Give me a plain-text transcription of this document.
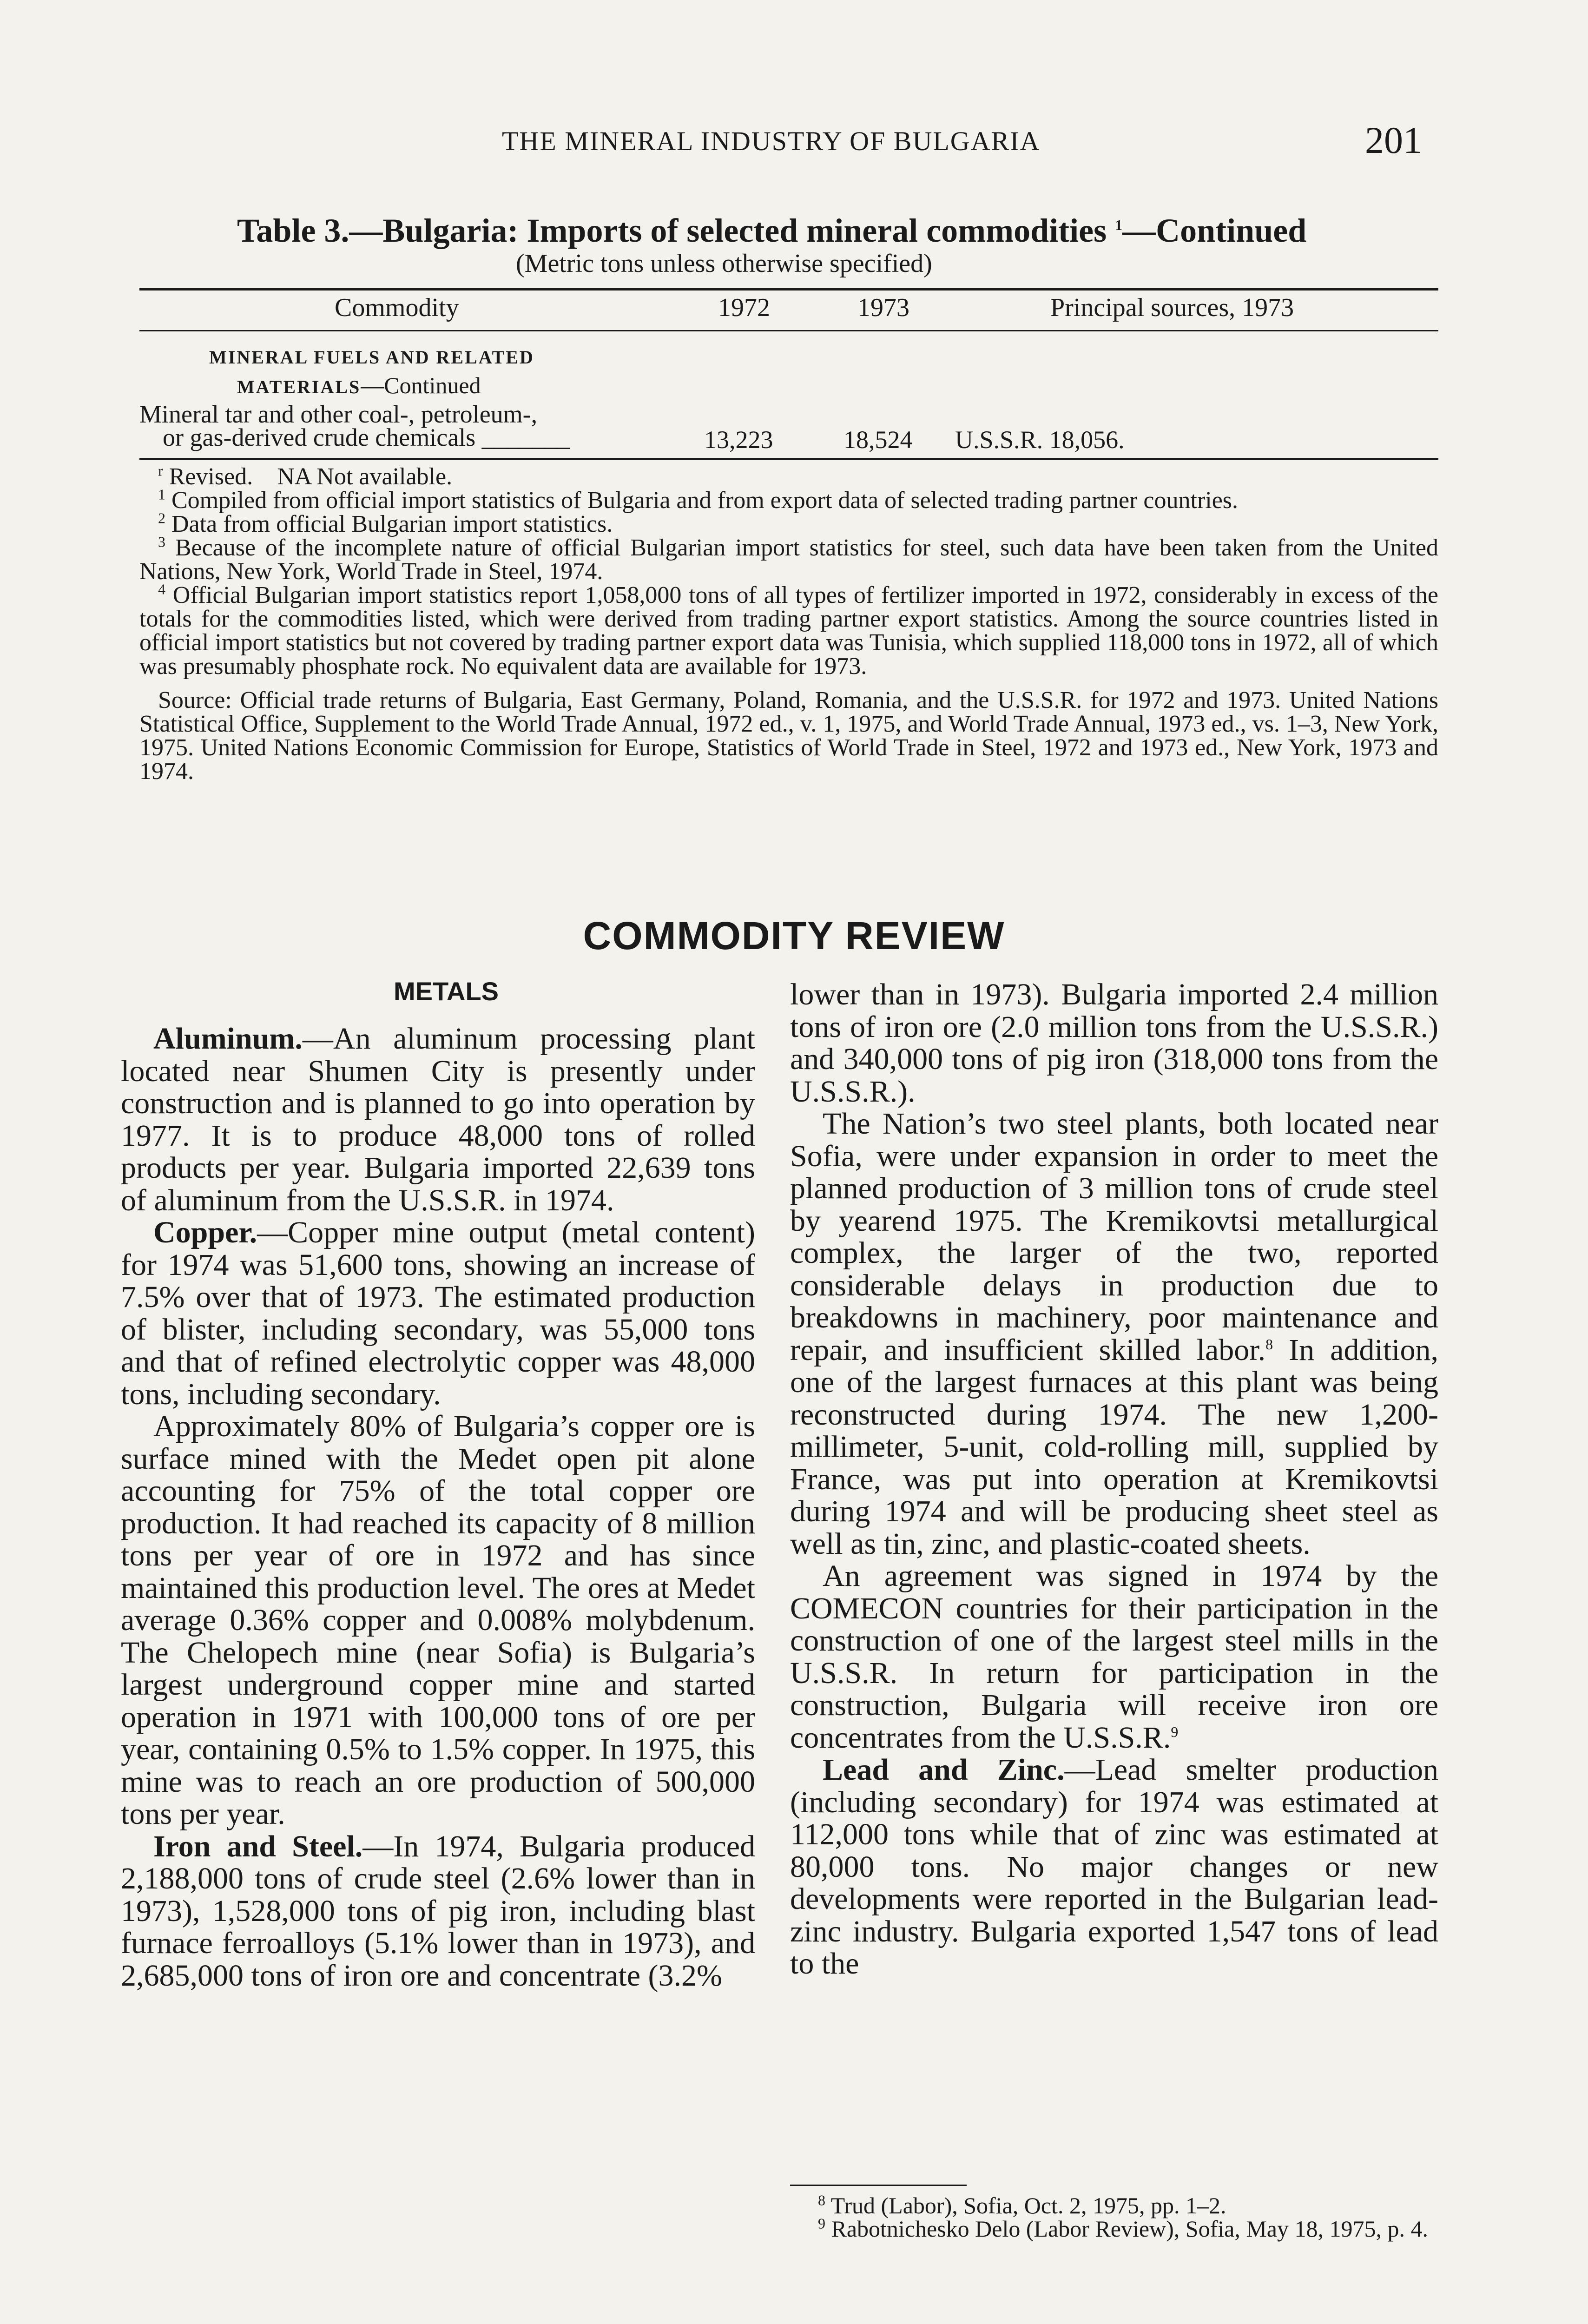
THE MINERAL INDUSTRY OF BULGARIA	201
Table 3.—Bulgaria: Imports of selected mineral commodities $^1$—Continued
(Metric tons unless otherwise specified)
Commodity	1972	1973	Principal sources, 1973
MINERAL FUELS AND RELATED
MATERIALS—Continued
Mineral tar and other coal-, petroleum-,
or gas-derived crude chemicals _______	13,223	18,524 U.S.S.R. 18,056.

$^r$ Revised. NA Not available.

$^1$ Compiled from official import statistics of Bulgaria and from export data of selected trading partner countries.

$^2$ Data from official Bulgarian import statistics.

$^3$ Because of the incomplete nature of official Bulgarian import statistics for steel, such data have been taken from the United Nations, New York, World Trade in Steel, 1974.

$^4$ Official Bulgarian import statistics report 1,058,000 tons of all types of fertilizer imported in 1972, considerably in excess of the totals for the commodities listed, which were derived from trading partner export statistics. Among the source countries listed in official import statistics but not covered by trading partner export data was Tunisia, which supplied 118,000 tons in 1972, all of which was presumably phosphate rock. No equivalent data are available for 1973.

Source: Official trade returns of Bulgaria, East Germany, Poland, Romania, and the U.S.S.R. for 1972 and 1973. United Nations Statistical Office, Supplement to the World Trade Annual, 1972 ed., v. 1, 1975, and World Trade Annual, 1973 ed., vs. 1–3, New York, 1975. United Nations Economic Commission for Europe, Statistics of World Trade in Steel, 1972 and 1973 ed., New York, 1973 and 1974.

COMMODITY REVIEW
METALS

Aluminum.—An aluminum processing plant located near Shumen City is presently under construction and is planned to go into operation by 1977. It is to produce 48,000 tons of rolled products per year. Bulgaria imported 22,639 tons of aluminum from the U.S.S.R. in 1974.

Copper.—Copper mine output (metal content) for 1974 was 51,600 tons, showing an increase of 7.5% over that of 1973. The estimated production of blister, including secondary, was 55,000 tons and that of refined electrolytic copper was 48,000 tons, including secondary.

Approximately 80% of Bulgaria’s copper ore is surface mined with the Medet open pit alone accounting for 75% of the total copper ore production. It had reached its capacity of 8 million tons per year of ore in 1972 and has since maintained this production level. The ores at Medet average 0.36% copper and 0.008% molybdenum. The Chelopech mine (near Sofia) is Bulgaria’s largest underground copper mine and started operation in 1971 with 100,000 tons of ore per year, containing 0.5% to 1.5% copper. In 1975, this mine was to reach an ore production of 500,000 tons per year.

Iron and Steel.—In 1974, Bulgaria produced 2,188,000 tons of crude steel (2.6% lower than in 1973), 1,528,000 tons of pig iron, including blast furnace ferroalloys (5.1% lower than in 1973), and 2,685,000 tons of iron ore and concentrate (3.2%

lower than in 1973). Bulgaria imported 2.4 million tons of iron ore (2.0 million tons from the U.S.S.R.) and 340,000 tons of pig iron (318,000 tons from the U.S.S.R.).

The Nation’s two steel plants, both located near Sofia, were under expansion in order to meet the planned production of 3 million tons of crude steel by yearend 1975. The Kremikovtsi metallurgical complex, the larger of the two, reported considerable delays in production due to breakdowns in machinery, poor maintenance and repair, and insufficient skilled labor.$^8$ In addition, one of the largest furnaces at this plant was being reconstructed during 1974. The new 1,200-millimeter, 5-unit, cold-rolling mill, supplied by France, was put into operation at Kremikovtsi during 1974 and will be producing sheet steel as well as tin, zinc, and plastic-coated sheets.

An agreement was signed in 1974 by the COMECON countries for their participation in the construction of one of the largest steel mills in the U.S.S.R. In return for participation in the construction, Bulgaria will receive iron ore concentrates from the U.S.S.R.$^9$

Lead and Zinc.—Lead smelter production (including secondary) for 1974 was estimated at 112,000 tons while that of zinc was estimated at 80,000 tons. No major changes or new developments were reported in the Bulgarian lead-zinc industry. Bulgaria exported 1,547 tons of lead to the

$^8$ Trud (Labor), Sofia, Oct. 2, 1975, pp. 1–2.

$^9$ Rabotnichesko Delo (Labor Review), Sofia, May 18, 1975, p. 4.
